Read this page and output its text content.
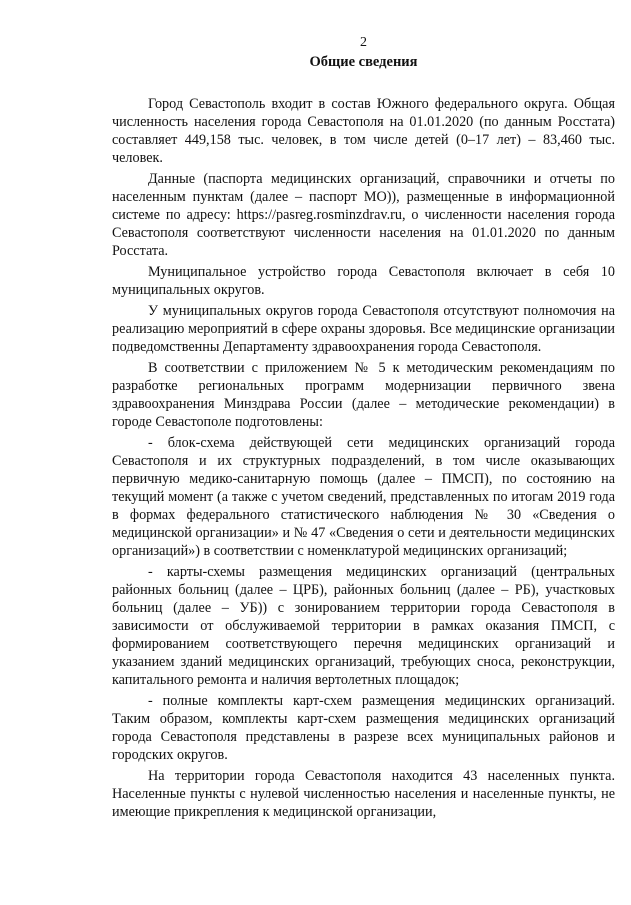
2
Общие сведения

Город Севастополь входит в состав Южного федерального округа. Общая численность населения города Севастополя на 01.01.2020 (по данным Росстата) составляет 449,158 тыс. человек, в том числе детей (0–17 лет) – 83,460 тыс. человек.

Данные (паспорта медицинских организаций, справочники и отчеты по населенным пунктам (далее – паспорт МО)), размещенные в информационной системе по адресу: https://pasreg.rosminzdrav.ru, о численности населения города Севастополя соответствуют численности населения на 01.01.2020 по данным Росстата.

Муниципальное устройство города Севастополя включает в себя 10 муниципальных округов.

У муниципальных округов города Севастополя отсутствуют полномочия на реализацию мероприятий в сфере охраны здоровья. Все медицинские организации подведомственны Департаменту здравоохранения города Севастополя.

В соответствии с приложением № 5 к методическим рекомендациям по разработке региональных программ модернизации первичного звена здравоохранения Минздрава России (далее – методические рекомендации) в городе Севастополе подготовлены:

- блок-схема действующей сети медицинских организаций города Севастополя и их структурных подразделений, в том числе оказывающих первичную медико-санитарную помощь (далее – ПМСП), по состоянию на текущий момент (а также с учетом сведений, представленных по итогам 2019 года в формах федерального статистического наблюдения № 30 «Сведения о медицинской организации» и № 47 «Сведения о сети и деятельности медицинских организаций») в соответствии с номенклатурой медицинских организаций;

- карты-схемы размещения медицинских организаций (центральных районных больниц (далее – ЦРБ), районных больниц (далее – РБ), участковых больниц (далее – УБ)) с зонированием территории города Севастополя в зависимости от обслуживаемой территории в рамках оказания ПМСП, с формированием соответствующего перечня медицинских организаций и указанием зданий медицинских организаций, требующих сноса, реконструкции, капитального ремонта и наличия вертолетных площадок;

- полные комплекты карт-схем размещения медицинских организаций. Таким образом, комплекты карт-схем размещения медицинских организаций города Севастополя представлены в разрезе всех муниципальных районов и городских округов.

На территории города Севастополя находится 43 населенных пункта. Населенные пункты с нулевой численностью населения и населенные пункты, не имеющие прикрепления к медицинской организации,
